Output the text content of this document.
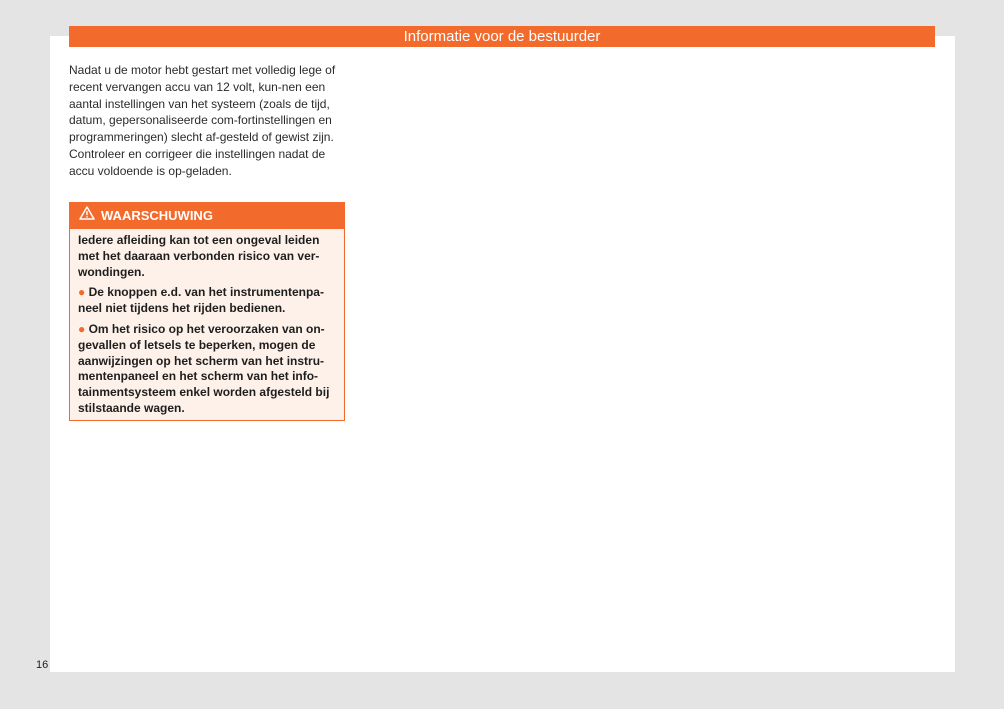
Informatie voor de bestuurder

Nadat u de motor hebt gestart met volledig lege of recent vervangen accu van 12 volt, kun-nen een aantal instellingen van het systeem (zoals de tijd, datum, gepersonaliseerde com-fortinstellingen en programmeringen) slecht af-gesteld of gewist zijn. Controleer en corrigeer die instellingen nadat de accu voldoende is op-geladen.

WAARSCHUWING

Iedere afleiding kan tot een ongeval leiden met het daaraan verbonden risico van ver-wondingen.

● De knoppen e.d. van het instrumentenpa-neel niet tijdens het rijden bedienen.

● Om het risico op het veroorzaken van on-gevallen of letsels te beperken, mogen de aanwijzingen op het scherm van het instru-mentenpaneel en het scherm van het info-tainmentsysteem enkel worden afgesteld bij stilstaande wagen.

16
